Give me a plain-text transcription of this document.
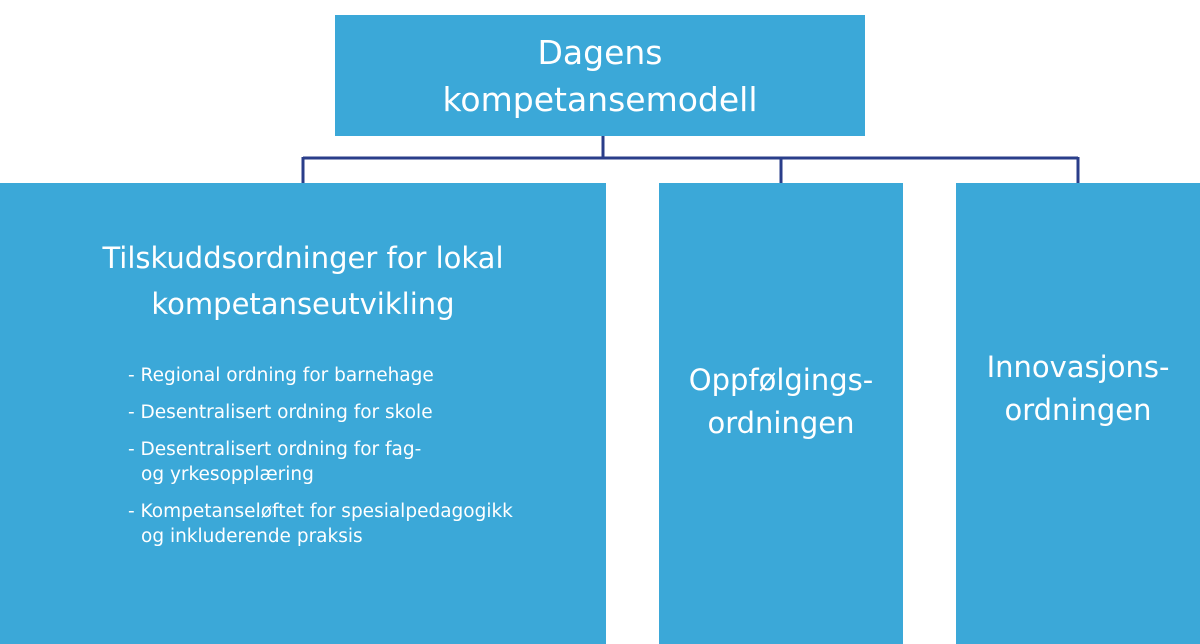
Dagens
kompetansemodell
Tilskuddsordninger for lokal
kompetanseutvikling
- Regional ordning for barnehage
- Desentralisert ordning for skole
- Desentralisert ordning for fag-
og yrkesopplæring
- Kompetanseløftet for spesialpedagogikk
og inkluderende praksis
Oppfølgings-
ordningen
Innovasjons-
ordningen
